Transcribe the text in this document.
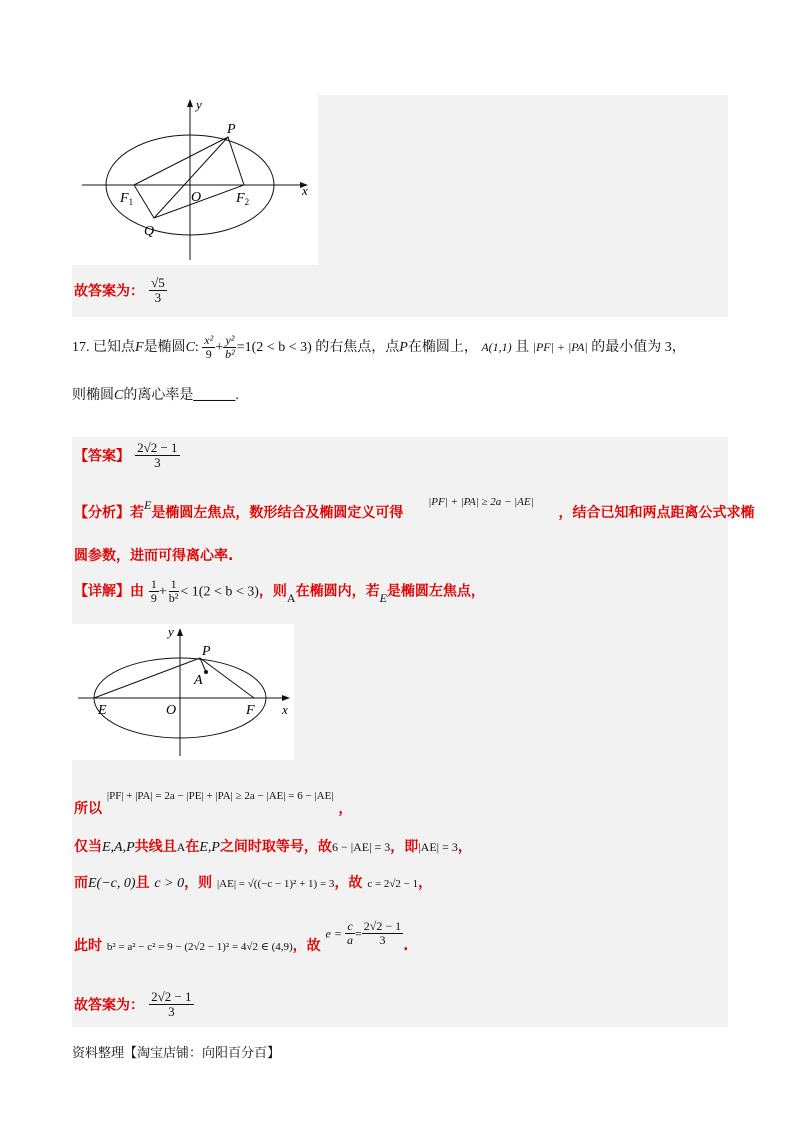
y
x
P
Q
O
$F_1$	$F_2$
故答案为： $\frac{√5}{3}$
17. 已知点F是椭圆C: $\frac{\text{x²}}{9} + \frac{\text{y²}}{\text{b²}} =1(2 < b < 3)$ 的右焦点，点P在椭圆上， A(1,1) 且 |PF| + |PA| 的最小值为 3，
则椭圆C的离心率是______.
【答案】 $\frac{2√2 - 1}{3}$
【分析】若E是椭圆左焦点，数形结合及椭圆定义可得 $^{|PF| + |PA| \ge 2a - |AE|}$ ，结合已知和两点距离公式求椭
圆参数，进而可得离心率.
【详解】由 $\frac{1}{9} + \frac{1}{\text{b²}} < 1(2 < b < 3)$，则A在椭圆内，若E是椭圆左焦点，
y
x
P
A
E	O	F
所以 |PF| + |PA| = 2a − |PE| + |PA| ≥ 2a − |AE| = 6 − |AE| ，
仅当E,A,P共线且A在E,P之间时取等号，故6 − |AE| = 3，即|AE| = 3，
而E(−c, 0)且 c > 0，则 |AE| = √((−c − 1)² + 1) = 3，故 c = 2√2 − 1，
此时 $_{b^2 = a^2 - c^2 = 9 - (2√2 - 1)^2 = 4√2 \in (4,9)}$，故 $e = \frac{c}{a} = \frac{2√2 - 1}{3}$ .
故答案为： $\frac{2√2 - 1}{3}$
资料整理【淘宝店铺：向阳百分百】
